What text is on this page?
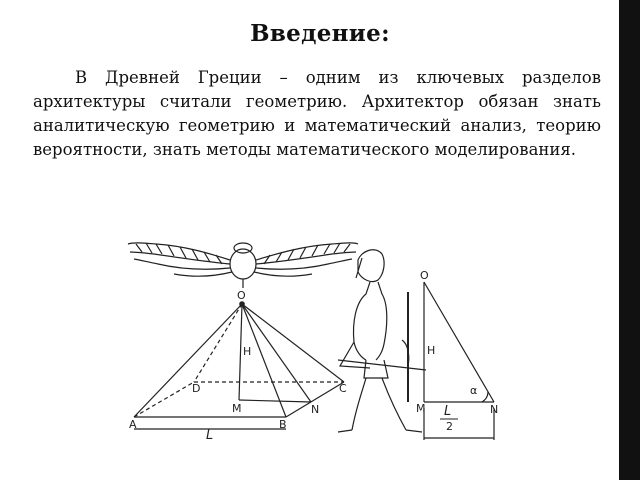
Введение:
В Древней Греции – одним из ключевых разделов архитектуры считали геометрию. Архитектор обязан знать аналитическую геометрию и математический анализ, теорию вероятности, знать методы математического моделирования.
O
H
D	C
M	N
A	B
L
O
H
α
M	N
L
2
